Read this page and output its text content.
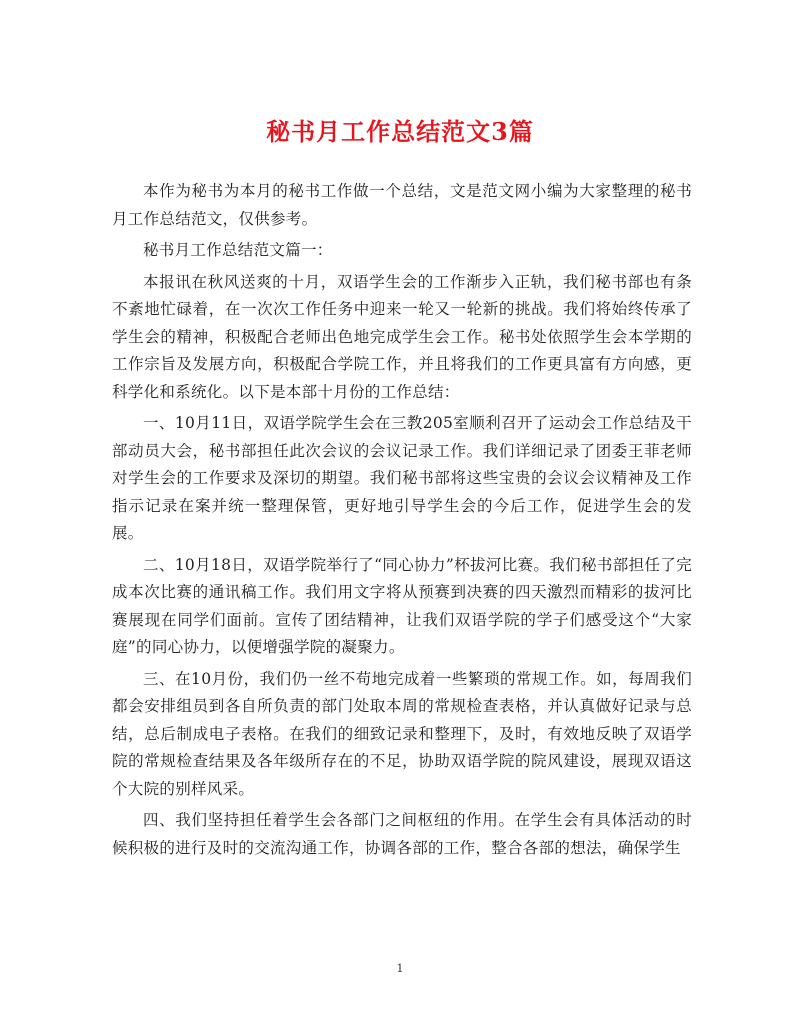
秘书月工作总结范文3篇

本作为秘书为本月的秘书工作做一个总结，文是范文网小编为大家整理的秘书月工作总结范文，仅供参考。

秘书月工作总结范文篇一：

本报讯在秋风送爽的十月，双语学生会的工作渐步入正轨，我们秘书部也有条不紊地忙碌着，在一次次工作任务中迎来一轮又一轮新的挑战。我们将始终传承了学生会的精神，积极配合老师出色地完成学生会工作。秘书处依照学生会本学期的工作宗旨及发展方向，积极配合学院工作，并且将我们的工作更具富有方向感，更科学化和系统化。以下是本部十月份的工作总结：

一、10月11日，双语学院学生会在三教205室顺利召开了运动会工作总结及干部动员大会，秘书部担任此次会议的会议记录工作。我们详细记录了团委王菲老师对学生会的工作要求及深切的期望。我们秘书部将这些宝贵的会议会议精神及工作指示记录在案并统一整理保管，更好地引导学生会的今后工作，促进学生会的发展。

二、10月18日，双语学院举行了“同心协力”杯拔河比赛。我们秘书部担任了完成本次比赛的通讯稿工作。我们用文字将从预赛到决赛的四天激烈而精彩的拔河比赛展现在同学们面前。宣传了团结精神，让我们双语学院的学子们感受这个“大家庭”的同心协力，以便增强学院的凝聚力。

三、在10月份，我们仍一丝不苟地完成着一些繁琐的常规工作。如，每周我们都会安排组员到各自所负责的部门处取本周的常规检查表格，并认真做好记录与总结，总后制成电子表格。在我们的细致记录和整理下，及时，有效地反映了双语学院的常规检查结果及各年级所存在的不足，协助双语学院的院风建设，展现双语这个大院的别样风采。

四、我们坚持担任着学生会各部门之间枢纽的作用。在学生会有具体活动的时候积极的进行及时的交流沟通工作，协调各部的工作，整合各部的想法，确保学生

1
